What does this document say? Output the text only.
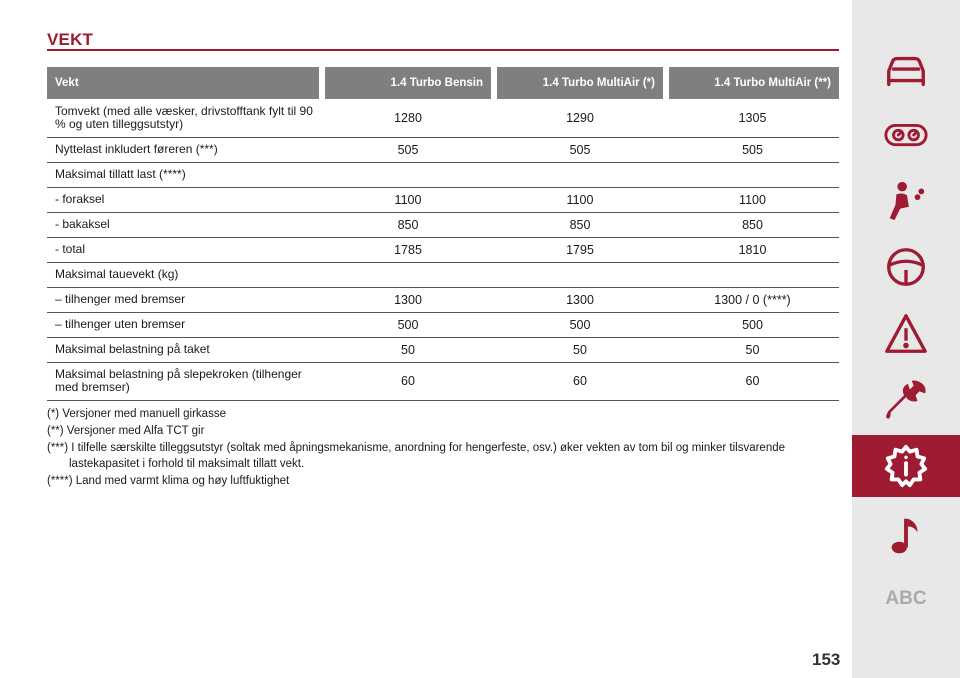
VEKT
Vekt	1.4 Turbo Bensin	1.4 Turbo MultiAir (*)	1.4 Turbo MultiAir (**)
Tomvekt (med alle væsker, drivstofftank fylt til 90 % og uten tilleggsutstyr)	1280	1290	1305
Nyttelast inkludert føreren (***)	505	505	505
Maksimal tillatt last (****)			
- foraksel	1100	1100	1100
- bakaksel	850	850	850
- total	1785	1795	1810
Maksimal tauevekt (kg)			
– tilhenger med bremser	1300	1300	1300 / 0 (****)
– tilhenger uten bremser	500	500	500
Maksimal belastning på taket	50	50	50
Maksimal belastning på slepekroken (tilhenger med bremser)	60	60	60

(*) Versjoner med manuell girkasse

(**) Versjoner med Alfa TCT gir

(***) I tilfelle særskilte tilleggsutstyr (soltak med åpningsmekanisme, anordning for hengerfeste, osv.) øker vekten av tom bil og minker tilsvarende

lastekapasitet i forhold til maksimalt tillatt vekt.

(****) Land med varmt klima og høy luftfuktighet

ABC
153
